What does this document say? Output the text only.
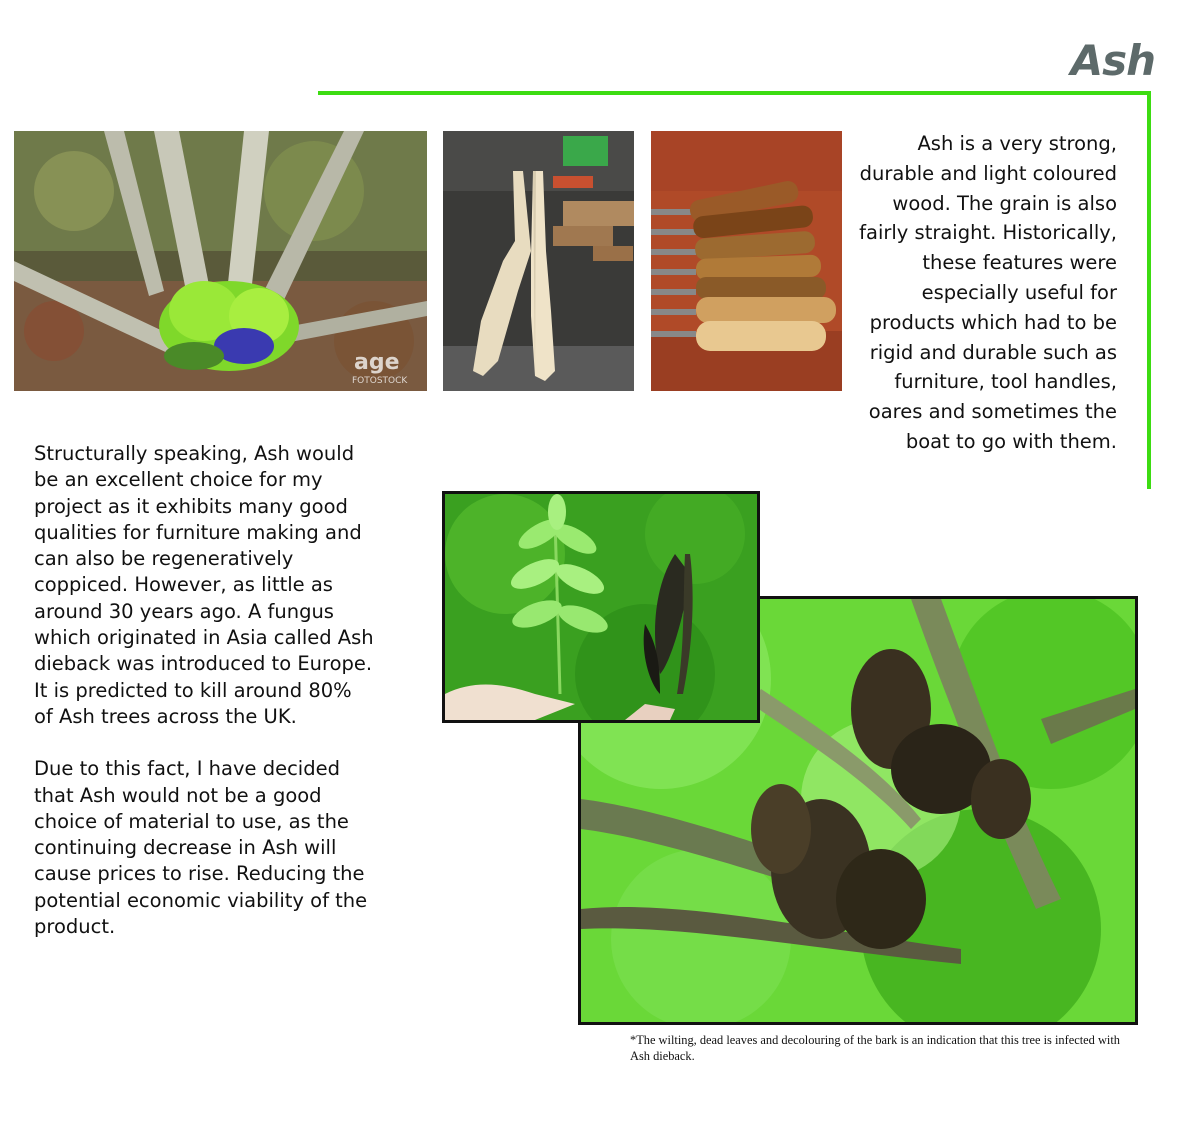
Ash
age
FOTOSTOCK
Ash is a very strong, durable and light coloured wood. The grain is also fairly straight. Historically, these features were especially useful for products which had to be rigid and durable such as furniture, tool handles, oares and sometimes the boat to go with them.

Structurally speaking, Ash would be an excellent choice for my project as it exhibits many good qualities for furniture making and can also be regeneratively coppiced. However, as little as around 30 years ago. A fungus which originated in Asia called Ash dieback was introduced to Europe. It is predicted to kill around 80% of Ash trees across the UK.

Due to this fact, I have decided that Ash would not be a good choice of material to use, as the continuing decrease in Ash will cause prices to rise. Reducing the potential economic viability of the product.

*The wilting, dead leaves and decolouring of the bark is an indication that this tree is infected with Ash dieback.
